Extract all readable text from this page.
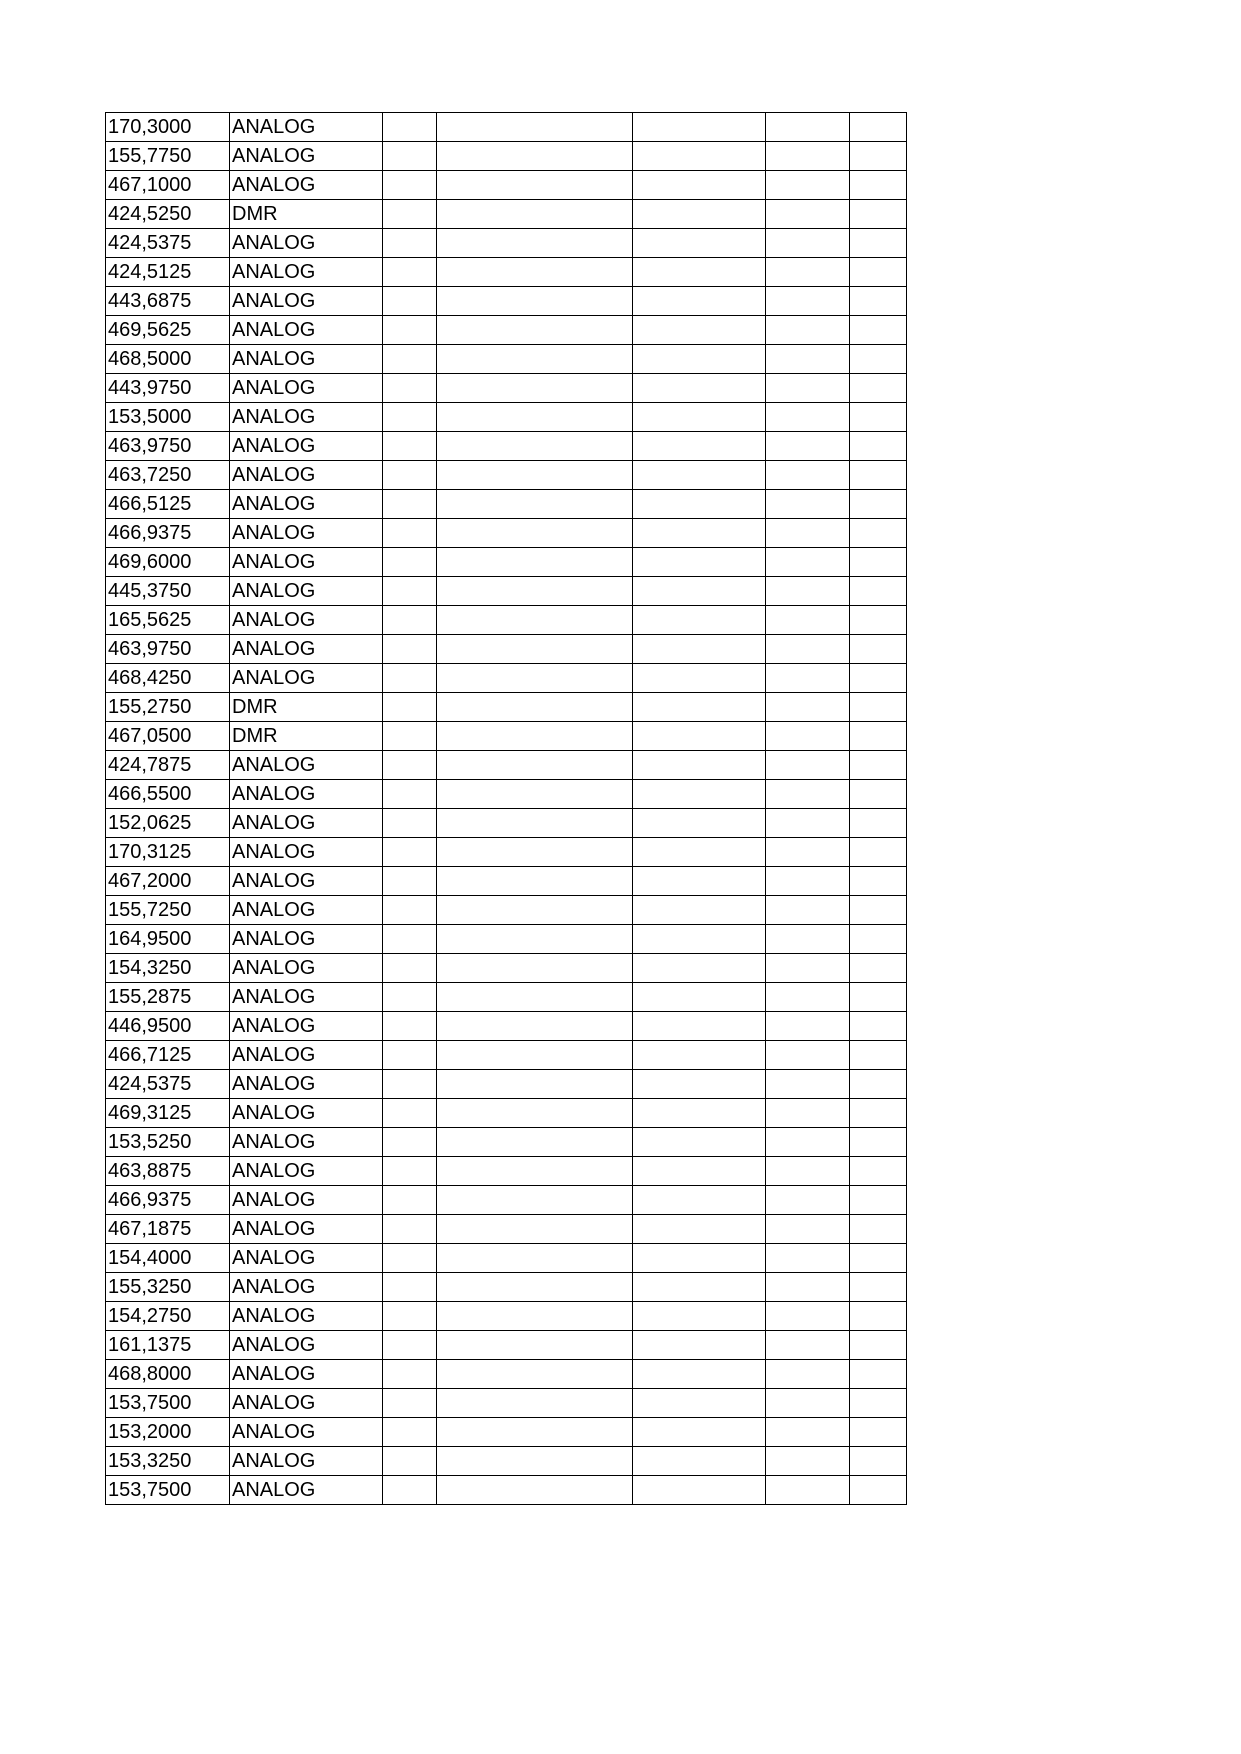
170,3000	ANALOG					
155,7750	ANALOG					
467,1000	ANALOG					
424,5250	DMR					
424,5375	ANALOG					
424,5125	ANALOG					
443,6875	ANALOG					
469,5625	ANALOG					
468,5000	ANALOG					
443,9750	ANALOG					
153,5000	ANALOG					
463,9750	ANALOG					
463,7250	ANALOG					
466,5125	ANALOG					
466,9375	ANALOG					
469,6000	ANALOG					
445,3750	ANALOG					
165,5625	ANALOG					
463,9750	ANALOG					
468,4250	ANALOG					
155,2750	DMR					
467,0500	DMR					
424,7875	ANALOG					
466,5500	ANALOG					
152,0625	ANALOG					
170,3125	ANALOG					
467,2000	ANALOG					
155,7250	ANALOG					
164,9500	ANALOG					
154,3250	ANALOG					
155,2875	ANALOG					
446,9500	ANALOG					
466,7125	ANALOG					
424,5375	ANALOG					
469,3125	ANALOG					
153,5250	ANALOG					
463,8875	ANALOG					
466,9375	ANALOG					
467,1875	ANALOG					
154,4000	ANALOG					
155,3250	ANALOG					
154,2750	ANALOG					
161,1375	ANALOG					
468,8000	ANALOG					
153,7500	ANALOG					
153,2000	ANALOG					
153,3250	ANALOG					
153,7500	ANALOG					
